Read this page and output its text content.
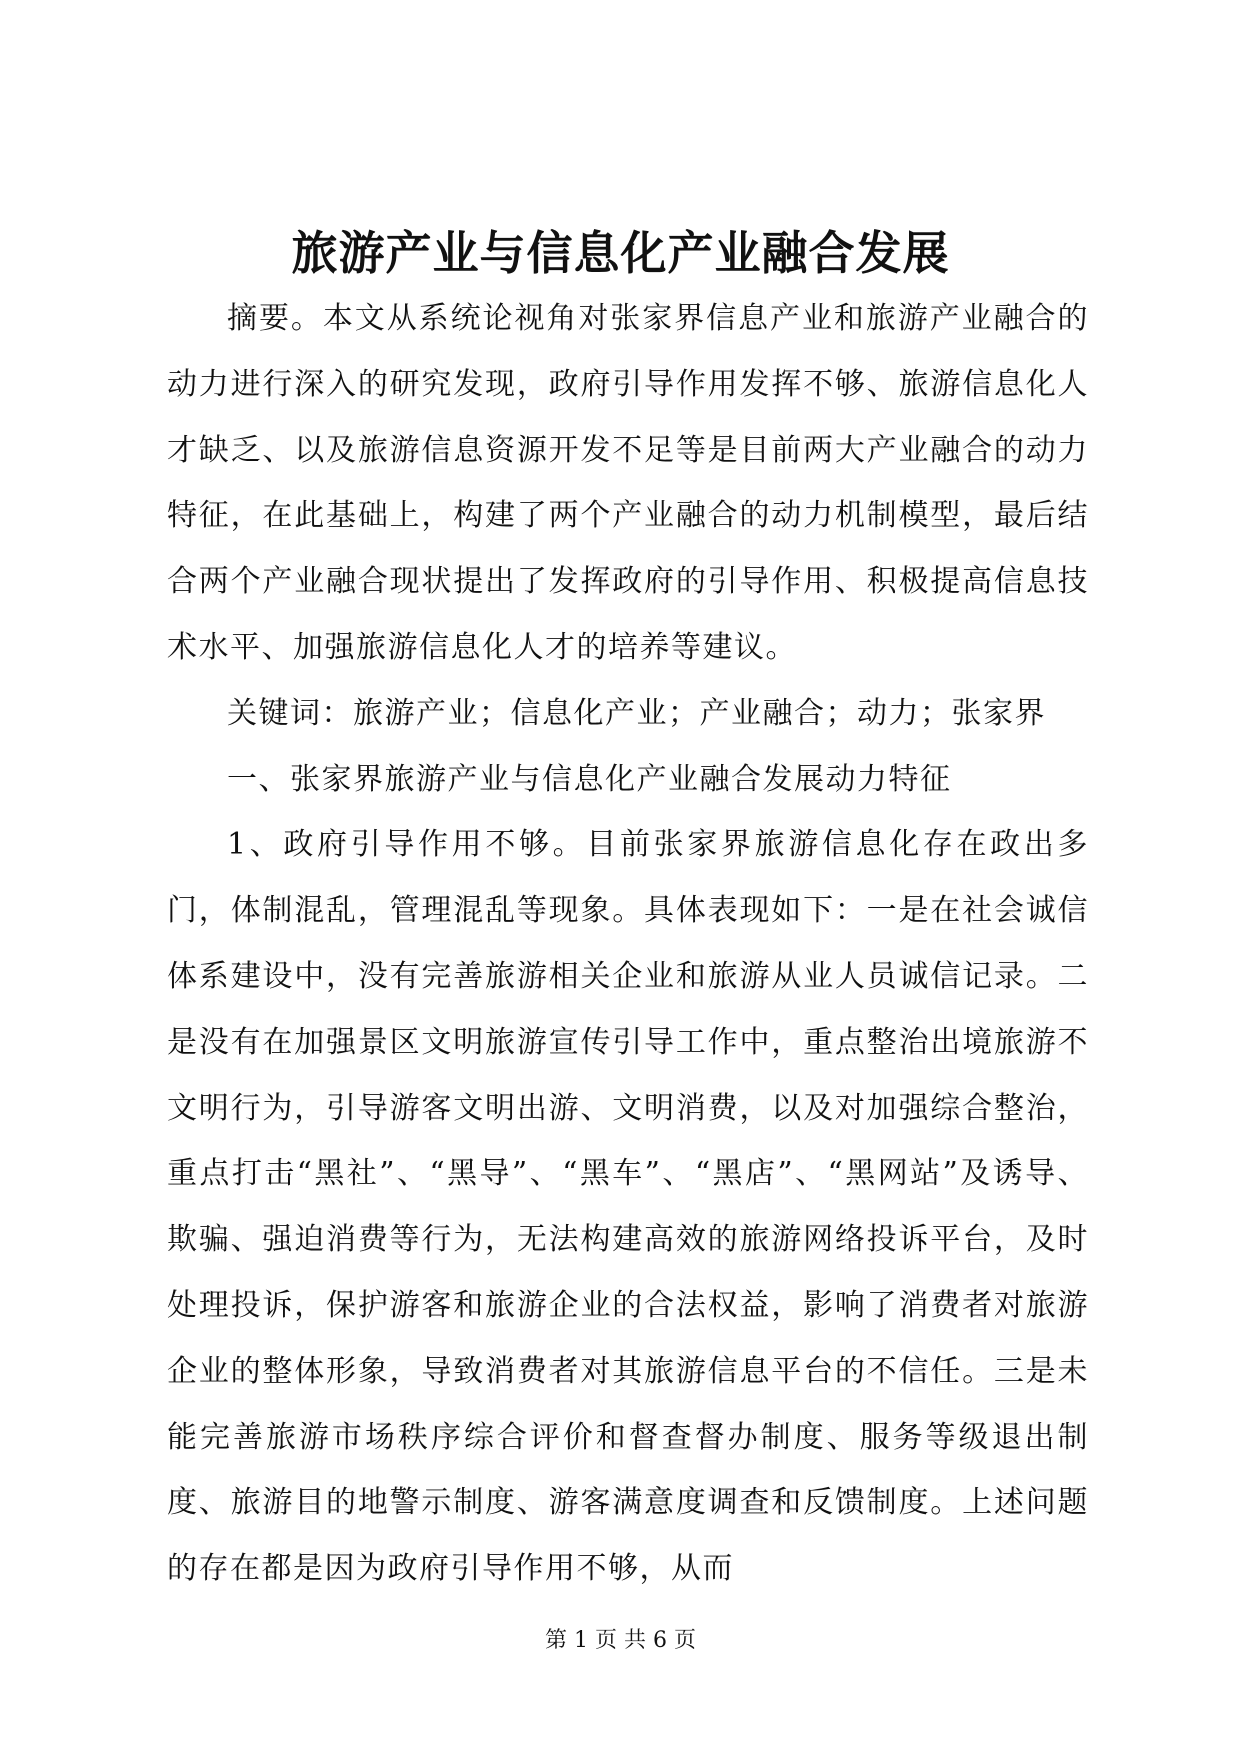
旅游产业与信息化产业融合发展

摘要。本文从系统论视角对张家界信息产业和旅游产业融合的动力进行深入的研究发现，政府引导作用发挥不够、旅游信息化人才缺乏、以及旅游信息资源开发不足等是目前两大产业融合的动力特征，在此基础上，构建了两个产业融合的动力机制模型，最后结合两个产业融合现状提出了发挥政府的引导作用、积极提高信息技术水平、加强旅游信息化人才的培养等建议。

关键词：旅游产业；信息化产业；产业融合；动力；张家界

一、张家界旅游产业与信息化产业融合发展动力特征

1、政府引导作用不够。目前张家界旅游信息化存在政出多门，体制混乱，管理混乱等现象。具体表现如下：一是在社会诚信体系建设中，没有完善旅游相关企业和旅游从业人员诚信记录。二是没有在加强景区文明旅游宣传引导工作中，重点整治出境旅游不文明行为，引导游客文明出游、文明消费，以及对加强综合整治，重点打击“黑社”、“黑导”、“黑车”、“黑店”、“黑网站”及诱导、欺骗、强迫消费等行为，无法构建高效的旅游网络投诉平台，及时处理投诉，保护游客和旅游企业的合法权益，影响了消费者对旅游企业的整体形象，导致消费者对其旅游信息平台的不信任。三是未能完善旅游市场秩序综合评价和督查督办制度、服务等级退出制度、旅游目的地警示制度、游客满意度调查和反馈制度。上述问题的存在都是因为政府引导作用不够，从而

第 1 页 共 6 页
